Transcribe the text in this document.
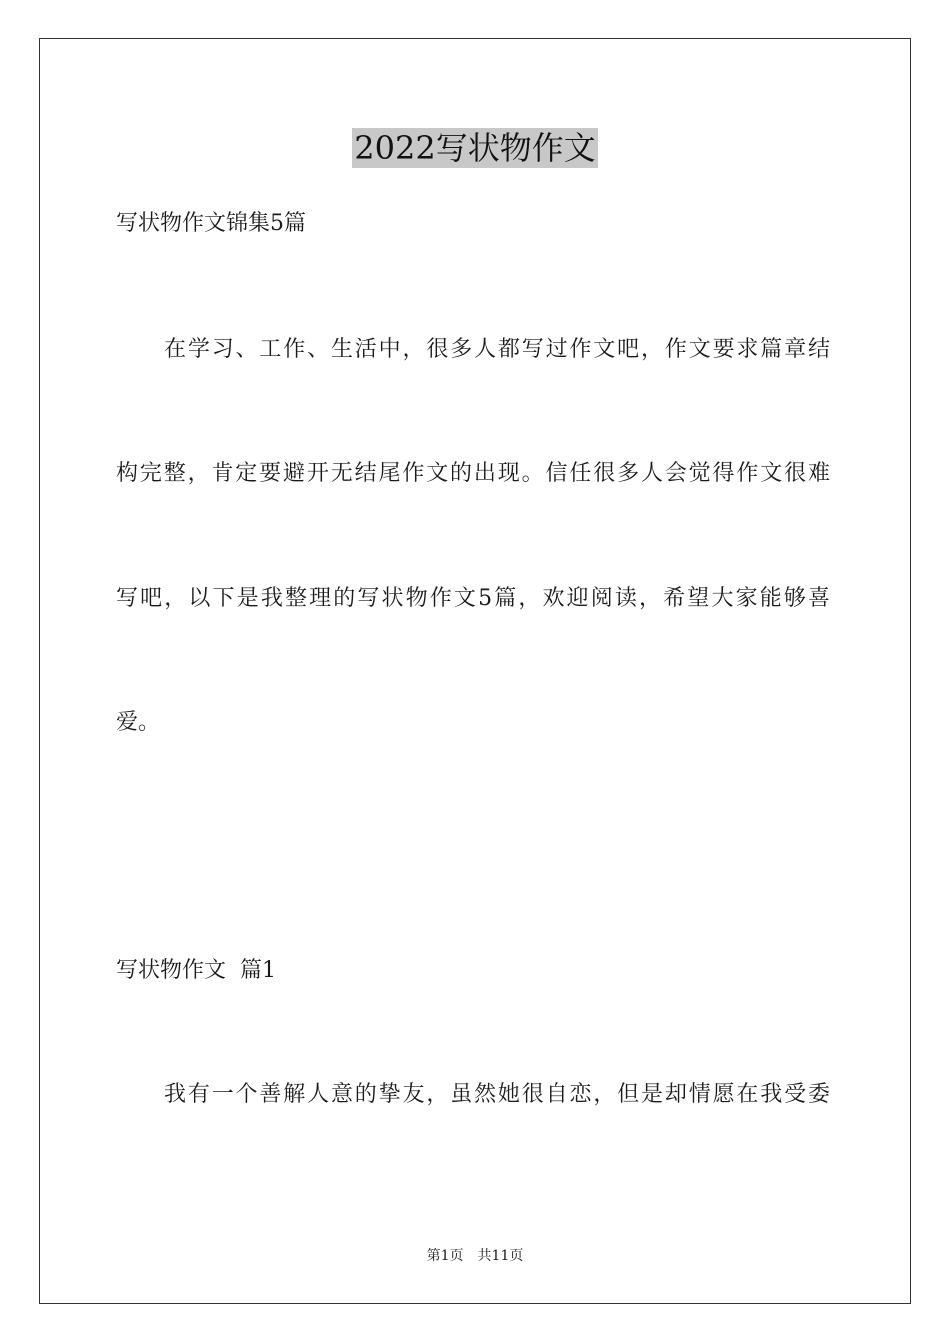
2022写状物作文
写状物作文锦集5篇
在学习、工作、生活中，很多人都写过作文吧，作文要求篇章结
构完整，肯定要避开无结尾作文的出现。信任很多人会觉得作文很难
写吧，以下是我整理的写状物作文5篇，欢迎阅读，希望大家能够喜
爱。
写状物作文  篇1
我有一个善解人意的挚友，虽然她很自恋，但是却情愿在我受委
第1页 共11页
